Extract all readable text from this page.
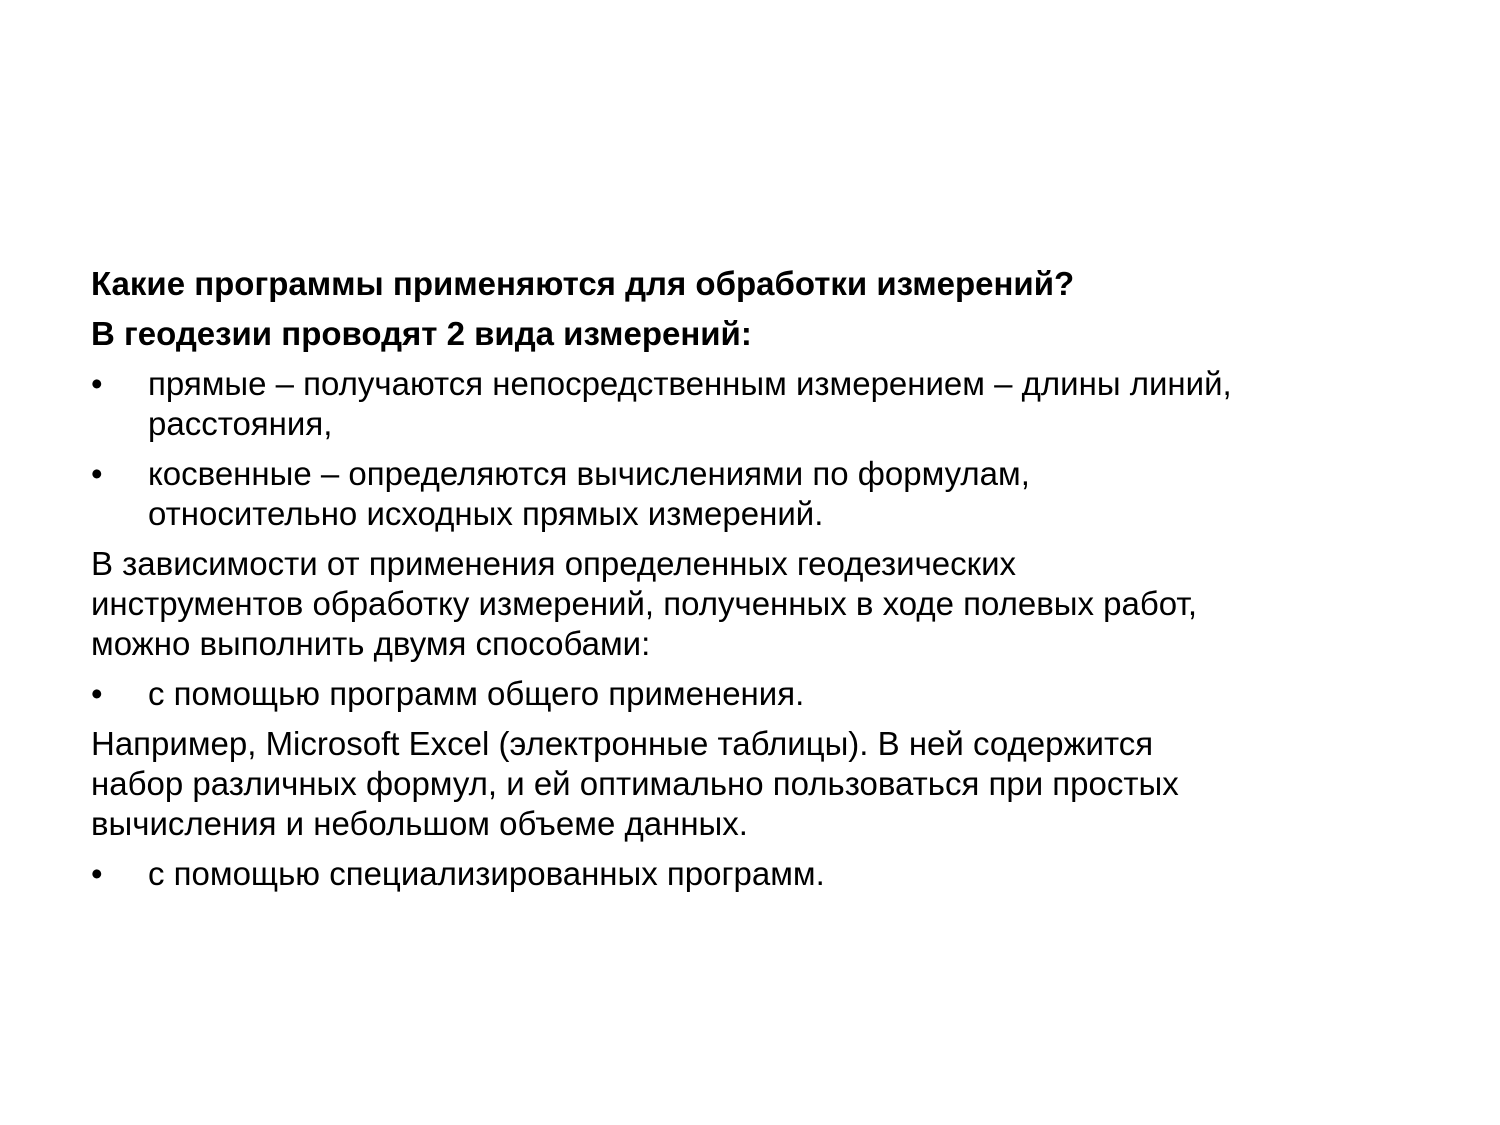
Какие программы применяются для обработки измерений?
В геодезии проводят 2 вида измерений:
•	прямые – получаются непосредственным измерением – длины линий,
расстояния,
•	косвенные – определяются вычислениями по формулам,
относительно исходных прямых измерений.
В зависимости от применения определенных геодезических
инструментов обработку измерений, полученных в ходе полевых работ,
можно выполнить двумя способами:
•	с помощью программ общего применения.
Например, Microsoft Excel (электронные таблицы). В ней содержится
набор различных формул, и ей оптимально пользоваться при простых
вычисления и небольшом объеме данных.
•	с помощью специализированных программ.
